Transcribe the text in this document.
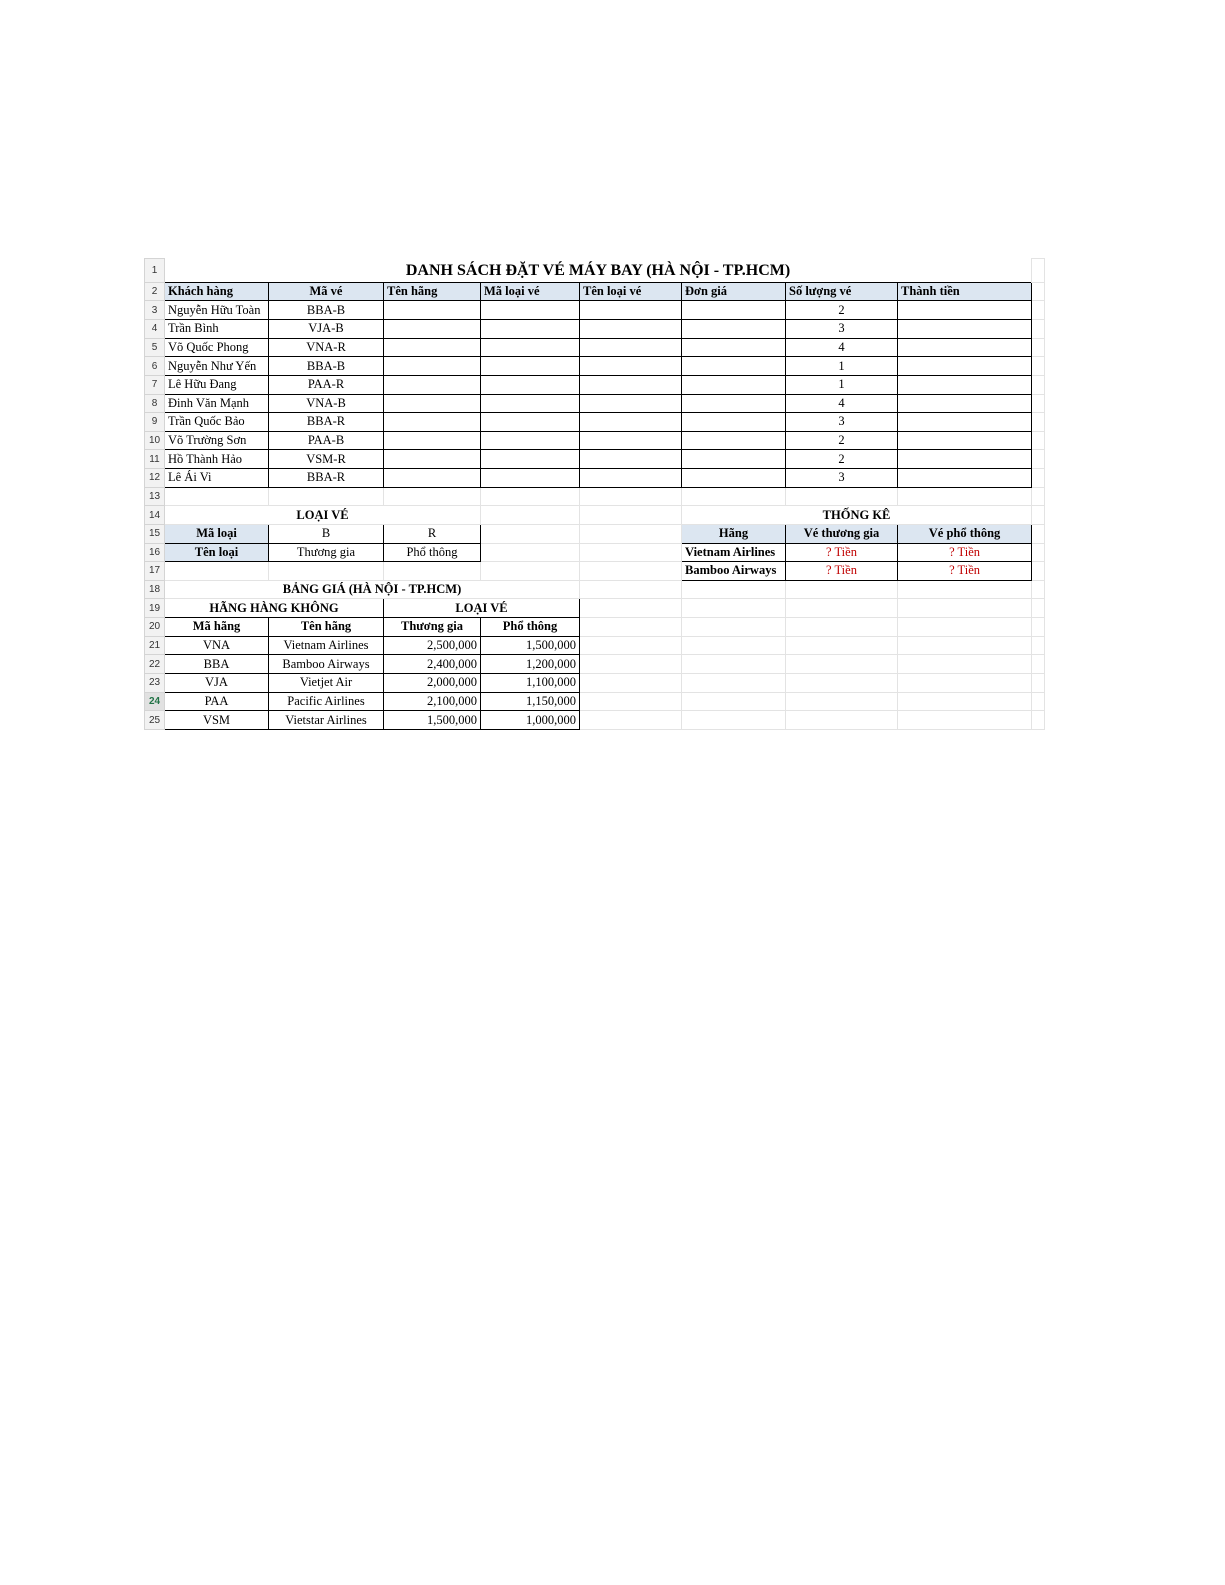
1	DANH SÁCH ĐẶT VÉ MÁY BAY (HÀ NỘI - TP.HCM)								
2	Khách hàng	Mã vé	Tên hãng	Mã loại vé	Tên loại vé	Đơn giá	Số lượng vé	Thành tiền	
3	Nguyễn Hữu Toàn	BBA-B					2		
4	Trần Bình	VJA-B					3		
5	Võ Quốc Phong	VNA-R					4		
6	Nguyễn Như Yến	BBA-B					1		
7	Lê Hữu Đang	PAA-R					1		
8	Đinh Văn Mạnh	VNA-B					4		
9	Trần Quốc Bảo	BBA-R					3		
10	Võ Trường Sơn	PAA-B					2		
11	Hồ Thành Hảo	VSM-R					2		
12	Lê Ái Vi	BBA-R					3		
13									
14	LOẠI VÉ					THỐNG KÊ			
15	Mã loại	B	R			Hãng	Vé thương gia	Vé phổ thông	
16	Tên loại	Thương gia	Phổ thông			Vietnam Airlines	? Tiền	? Tiền	
17						Bamboo Airways	? Tiền	? Tiền	
18	BẢNG GIÁ (HÀ NỘI - TP.HCM)								
19	HÃNG HÀNG KHÔNG		LOẠI VÉ						
20	Mã hãng	Tên hãng	Thương gia	Phổ thông					
21	VNA	Vietnam Airlines	2,500,000	1,500,000					
22	BBA	Bamboo Airways	2,400,000	1,200,000					
23	VJA	Vietjet Air	2,000,000	1,100,000					
24	PAA	Pacific Airlines	2,100,000	1,150,000					
25	VSM	Vietstar Airlines	1,500,000	1,000,000					
